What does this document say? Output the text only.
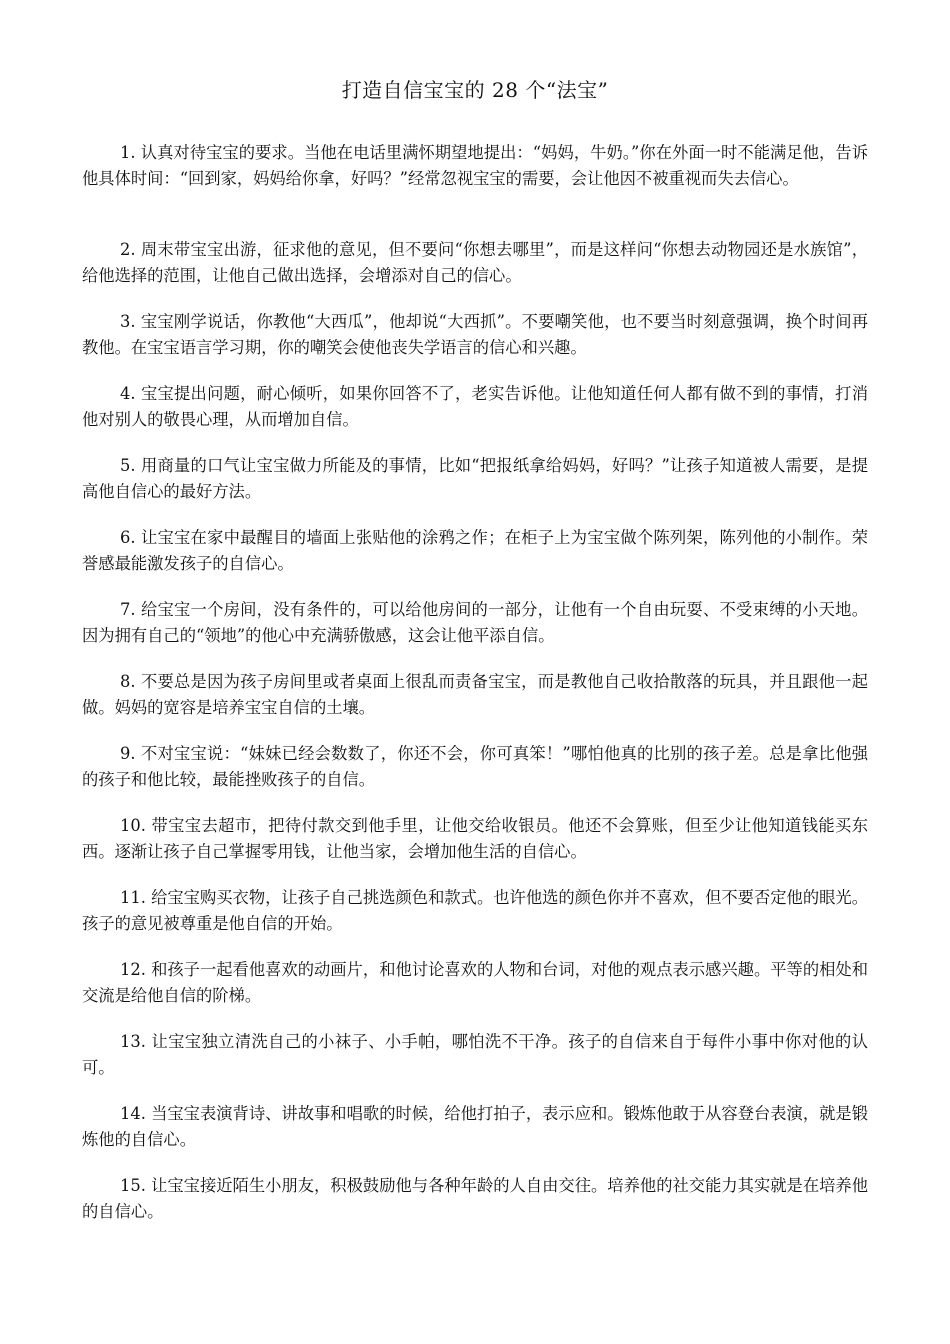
打造自信宝宝的 28 个“法宝”

1. 认真对待宝宝的要求。当他在电话里满怀期望地提出：“妈妈，牛奶。”你在外面一时不能满足他，告诉他具体时间：“回到家，妈妈给你拿，好吗？”经常忽视宝宝的需要，会让他因不被重视而失去信心。

2. 周末带宝宝出游，征求他的意见，但不要问“你想去哪里”，而是这样问“你想去动物园还是水族馆”，给他选择的范围，让他自己做出选择，会增添对自己的信心。

3. 宝宝刚学说话，你教他“大西瓜”，他却说“大西抓”。不要嘲笑他，也不要当时刻意强调，换个时间再教他。在宝宝语言学习期，你的嘲笑会使他丧失学语言的信心和兴趣。

4. 宝宝提出问题，耐心倾听，如果你回答不了，老实告诉他。让他知道任何人都有做不到的事情，打消他对别人的敬畏心理，从而增加自信。

5. 用商量的口气让宝宝做力所能及的事情，比如“把报纸拿给妈妈，好吗？”让孩子知道被人需要，是提高他自信心的最好方法。

6. 让宝宝在家中最醒目的墙面上张贴他的涂鸦之作；在柜子上为宝宝做个陈列架，陈列他的小制作。荣誉感最能激发孩子的自信心。

7. 给宝宝一个房间，没有条件的，可以给他房间的一部分，让他有一个自由玩耍、不受束缚的小天地。因为拥有自己的“领地”的他心中充满骄傲感，这会让他平添自信。

8. 不要总是因为孩子房间里或者桌面上很乱而责备宝宝，而是教他自己收拾散落的玩具，并且跟他一起做。妈妈的宽容是培养宝宝自信的土壤。

9. 不对宝宝说：“妹妹已经会数数了，你还不会，你可真笨！”哪怕他真的比别的孩子差。总是拿比他强的孩子和他比较，最能挫败孩子的自信。

10. 带宝宝去超市，把待付款交到他手里，让他交给收银员。他还不会算账，但至少让他知道钱能买东西。逐渐让孩子自己掌握零用钱，让他当家，会增加他生活的自信心。

11. 给宝宝购买衣物，让孩子自己挑选颜色和款式。也许他选的颜色你并不喜欢，但不要否定他的眼光。孩子的意见被尊重是他自信的开始。

12. 和孩子一起看他喜欢的动画片，和他讨论喜欢的人物和台词，对他的观点表示感兴趣。平等的相处和交流是给他自信的阶梯。

13. 让宝宝独立清洗自己的小袜子、小手帕，哪怕洗不干净。孩子的自信来自于每件小事中你对他的认可。

14. 当宝宝表演背诗、讲故事和唱歌的时候，给他打拍子，表示应和。锻炼他敢于从容登台表演，就是锻炼他的自信心。

15. 让宝宝接近陌生小朋友，积极鼓励他与各种年龄的人自由交往。培养他的社交能力其实就是在培养他的自信心。
